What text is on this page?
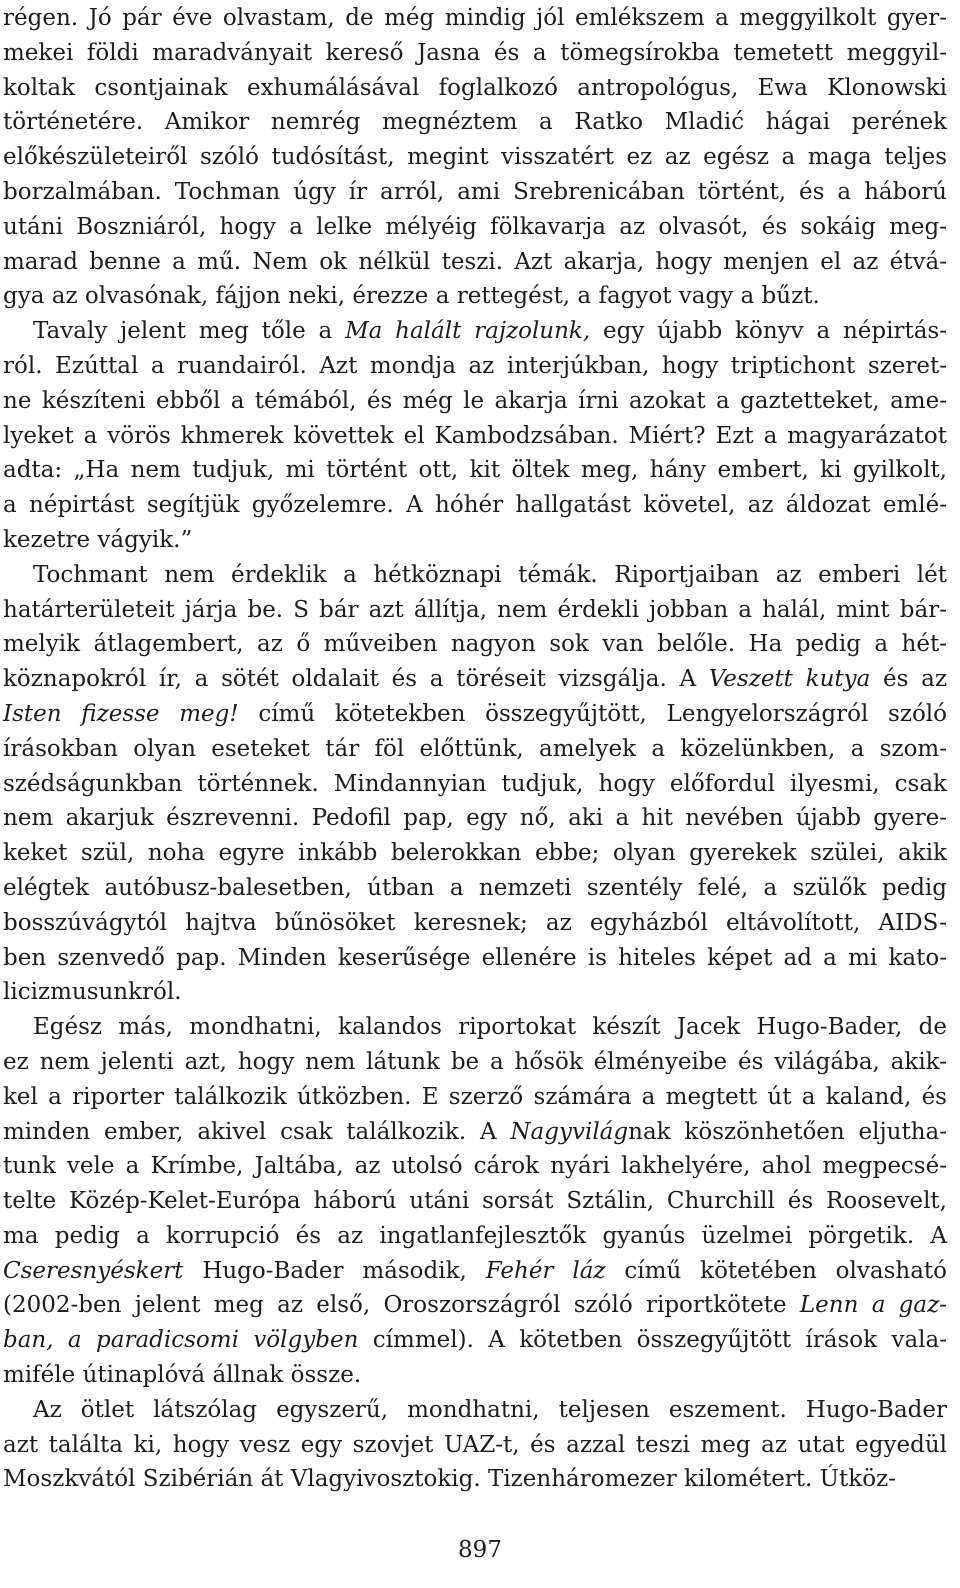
régen. Jó pár éve olvastam, de még mindig jól emlékszem a meggyilkolt gyer-
mekei földi maradványait kereső Jasna és a tömegsírokba temetett meggyil-
koltak csontjainak exhumálásával foglalkozó antropológus, Ewa Klonowski
történetére. Amikor nemrég megnéztem a Ratko Mladić hágai perének
előkészületeiről szóló tudósítást, megint visszatért ez az egész a maga teljes
borzalmában. Tochman úgy ír arról, ami Srebrenicában történt, és a háború
utáni Boszniáról, hogy a lelke mélyéig fölkavarja az olvasót, és sokáig meg-
marad benne a mű. Nem ok nélkül teszi. Azt akarja, hogy menjen el az étvá-
gya az olvasónak, fájjon neki, érezze a rettegést, a fagyot vagy a bűzt.
Tavaly jelent meg tőle a Ma halált rajzolunk, egy újabb könyv a népirtás-
ról. Ezúttal a ruandairól. Azt mondja az interjúkban, hogy triptichont szeret-
ne készíteni ebből a témából, és még le akarja írni azokat a gaztetteket, ame-
lyeket a vörös khmerek követtek el Kambodzsában. Miért? Ezt a magyarázatot
adta: „Ha nem tudjuk, mi történt ott, kit öltek meg, hány embert, ki gyilkolt,
a népirtást segítjük győzelemre. A hóhér hallgatást követel, az áldozat emlé-
kezetre vágyik.”
Tochmant nem érdeklik a hétköznapi témák. Riportjaiban az emberi lét
határterületeit járja be. S bár azt állítja, nem érdekli jobban a halál, mint bár-
melyik átlagembert, az ő műveiben nagyon sok van belőle. Ha pedig a hét-
köznapokról ír, a sötét oldalait és a töréseit vizsgálja. A Veszett kutya és az
Isten fizesse meg! című kötetekben összegyűjtött, Lengyelországról szóló
írásokban olyan eseteket tár föl előttünk, amelyek a közelünkben, a szom-
szédságunkban történnek. Mindannyian tudjuk, hogy előfordul ilyesmi, csak
nem akarjuk észrevenni. Pedofil pap, egy nő, aki a hit nevében újabb gyere-
keket szül, noha egyre inkább belerokkan ebbe; olyan gyerekek szülei, akik
elégtek autóbusz-balesetben, útban a nemzeti szentély felé, a szülők pedig
bosszúvágytól hajtva bűnösöket keresnek; az egyházból eltávolított, AIDS-
ben szenvedő pap. Minden keserűsége ellenére is hiteles képet ad a mi kato-
licizmusunkról.
Egész más, mondhatni, kalandos riportokat készít Jacek Hugo-Bader, de
ez nem jelenti azt, hogy nem látunk be a hősök élményeibe és világába, akik-
kel a riporter találkozik útközben. E szerző számára a megtett út a kaland, és
minden ember, akivel csak találkozik. A Nagyvilágnak köszönhetően eljutha-
tunk vele a Krímbe, Jaltába, az utolsó cárok nyári lakhelyére, ahol megpecsé-
telte Közép-Kelet-Európa háború utáni sorsát Sztálin, Churchill és Roosevelt,
ma pedig a korrupció és az ingatlanfejlesztők gyanús üzelmei pörgetik. A
Cseresnyéskert Hugo-Bader második, Fehér láz című kötetében olvasható
(2002-ben jelent meg az első, Oroszországról szóló riportkötete Lenn a gaz-
ban, a paradicsomi völgyben címmel). A kötetben összegyűjtött írások vala-
miféle útinaplóvá állnak össze.
Az ötlet látszólag egyszerű, mondhatni, teljesen eszement. Hugo-Bader
azt találta ki, hogy vesz egy szovjet UAZ-t, és azzal teszi meg az utat egyedül
Moszkvától Szibérián át Vlagyivosztokig. Tizenháromezer kilométert. Útköz-
897
